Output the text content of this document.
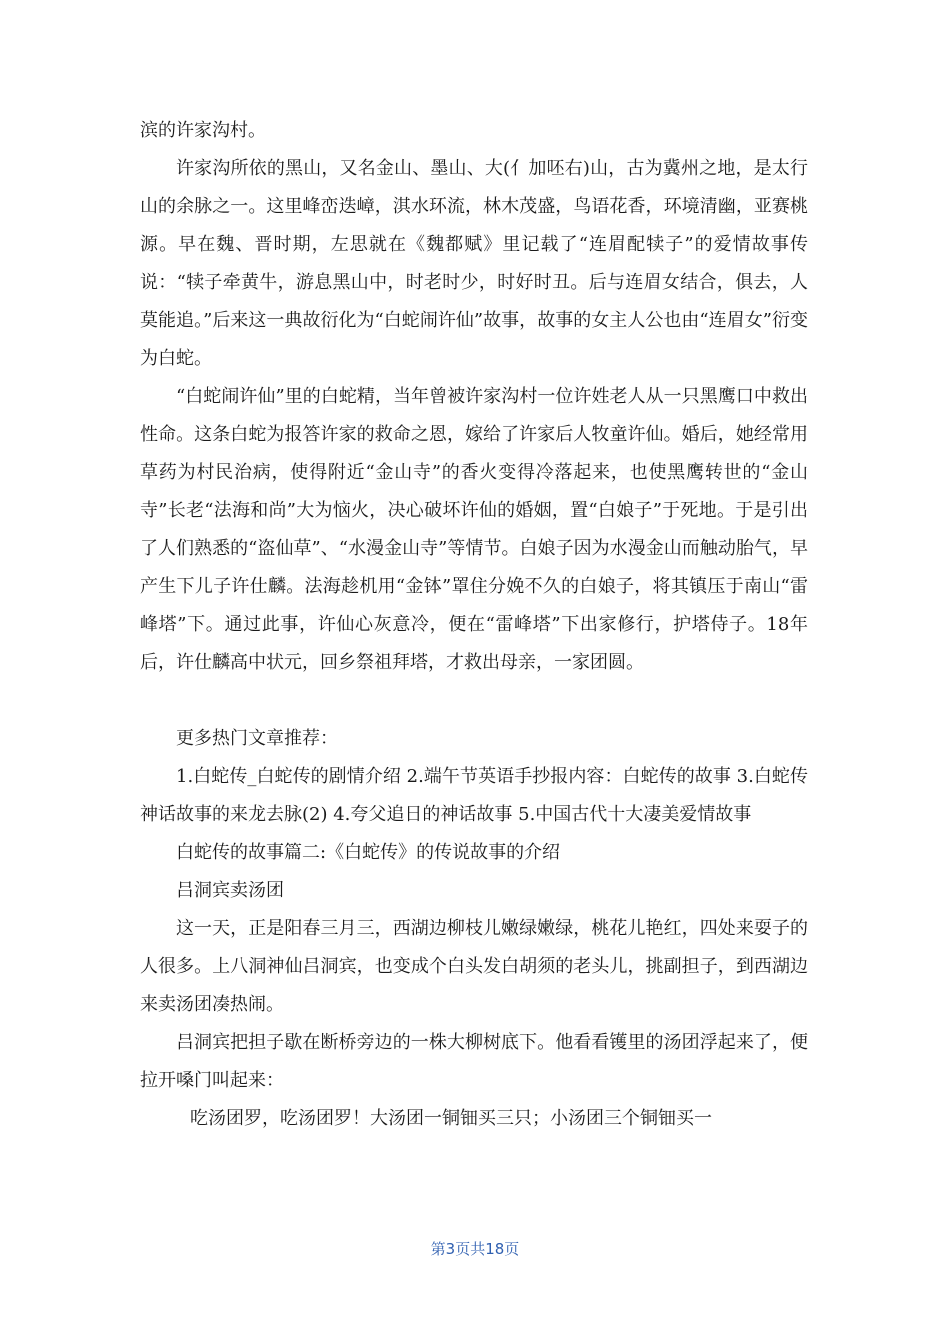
滨的许家沟村。

许家沟所依的黑山，又名金山、墨山、大(亻加呸右)山，古为冀州之地，是太行山的余脉之一。这里峰峦迭嶂，淇水环流，林木茂盛，鸟语花香，环境清幽，亚赛桃源。早在魏、晋时期，左思就在《魏都赋》里记载了“连眉配犊子”的爱情故事传说：“犊子牵黄牛，游息黑山中，时老时少，时好时丑。后与连眉女结合，俱去，人莫能追。”后来这一典故衍化为“白蛇闹许仙”故事，故事的女主人公也由“连眉女”衍变为白蛇。

“白蛇闹许仙”里的白蛇精，当年曾被许家沟村一位许姓老人从一只黑鹰口中救出性命。这条白蛇为报答许家的救命之恩，嫁给了许家后人牧童许仙。婚后，她经常用草药为村民治病，使得附近“金山寺”的香火变得冷落起来，也使黑鹰转世的“金山寺”长老“法海和尚”大为恼火，决心破坏许仙的婚姻，置“白娘子”于死地。于是引出了人们熟悉的“盗仙草”、“水漫金山寺”等情节。白娘子因为水漫金山而触动胎气，早产生下儿子许仕麟。法海趁机用“金钵”罩住分娩不久的白娘子，将其镇压于南山“雷峰塔”下。通过此事，许仙心灰意冷，便在“雷峰塔”下出家修行，护塔侍子。18年后，许仕麟高中状元，回乡祭祖拜塔，才救出母亲，一家团圆。

更多热门文章推荐：

1.白蛇传_白蛇传的剧情介绍 2.端午节英语手抄报内容：白蛇传的故事 3.白蛇传神话故事的来龙去脉(2) 4.夸父追日的神话故事 5.中国古代十大凄美爱情故事

白蛇传的故事篇二:《白蛇传》的传说故事的介绍

吕洞宾卖汤团

这一天，正是阳春三月三，西湖边柳枝儿嫩绿嫩绿，桃花儿艳红，四处来耍子的人很多。上八洞神仙吕洞宾，也变成个白头发白胡须的老头儿，挑副担子，到西湖边来卖汤团凑热闹。

吕洞宾把担子歇在断桥旁边的一株大柳树底下。他看看镬里的汤团浮起来了，便拉开嗓门叫起来：

吃汤团罗，吃汤团罗！大汤团一铜钿买三只；小汤团三个铜钿买一

第3页共18页
